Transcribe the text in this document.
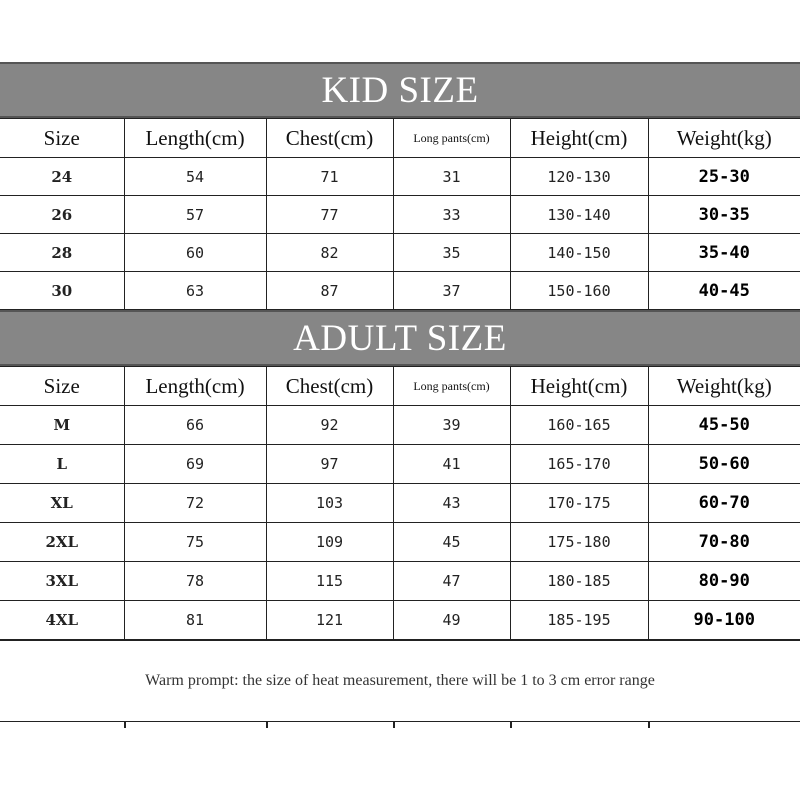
KID SIZE
Size	Length(cm)	Chest(cm)	Long pants(cm)	Height(cm)	Weight(kg)
24	54	71	31	120-130	25-30
26	57	77	33	130-140	30-35
28	60	82	35	140-150	35-40
30	63	87	37	150-160	40-45
ADULT SIZE
Size	Length(cm)	Chest(cm)	Long pants(cm)	Height(cm)	Weight(kg)
M	66	92	39	160-165	45-50
L	69	97	41	165-170	50-60
XL	72	103	43	170-175	60-70
2XL	75	109	45	175-180	70-80
3XL	78	115	47	180-185	80-90
4XL	81	121	49	185-195	90-100
Warm prompt: the size of heat measurement, there will be 1 to 3 cm error range
